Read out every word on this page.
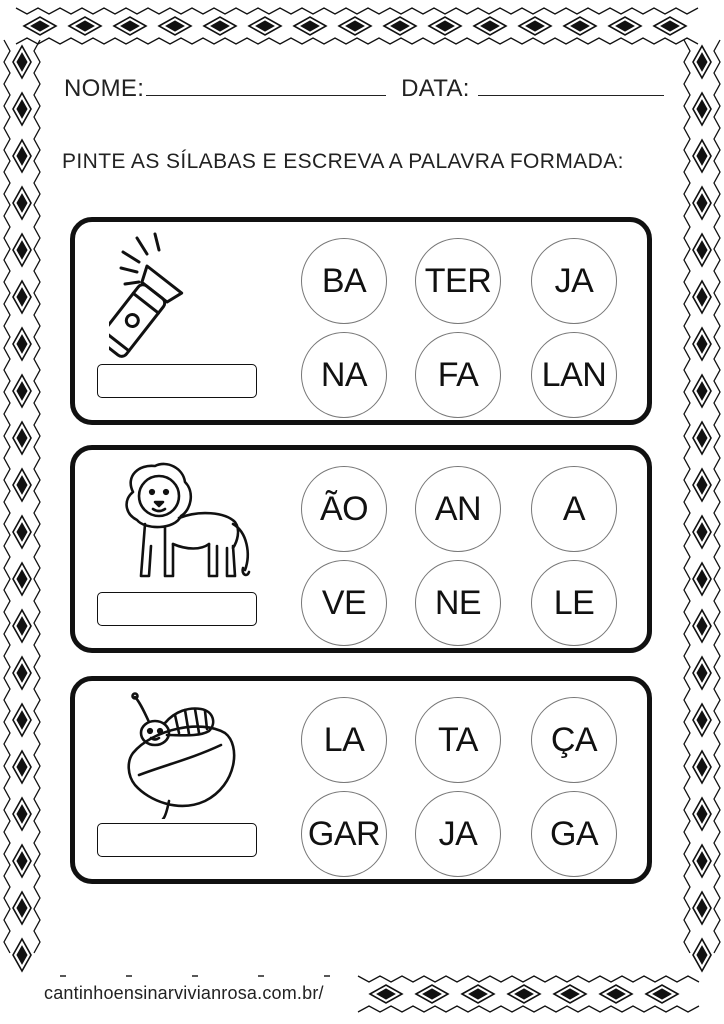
NOME:	DATA:
PINTE AS SÍLABAS E ESCREVA A PALAVRA FORMADA:
BA	TER	JA
NA	FA	LAN
ÃO	AN	A
VE	NE	LE
LA	TA	ÇA
GAR	JA	GA
cantinhoensinarvivianrosa.com.br/
